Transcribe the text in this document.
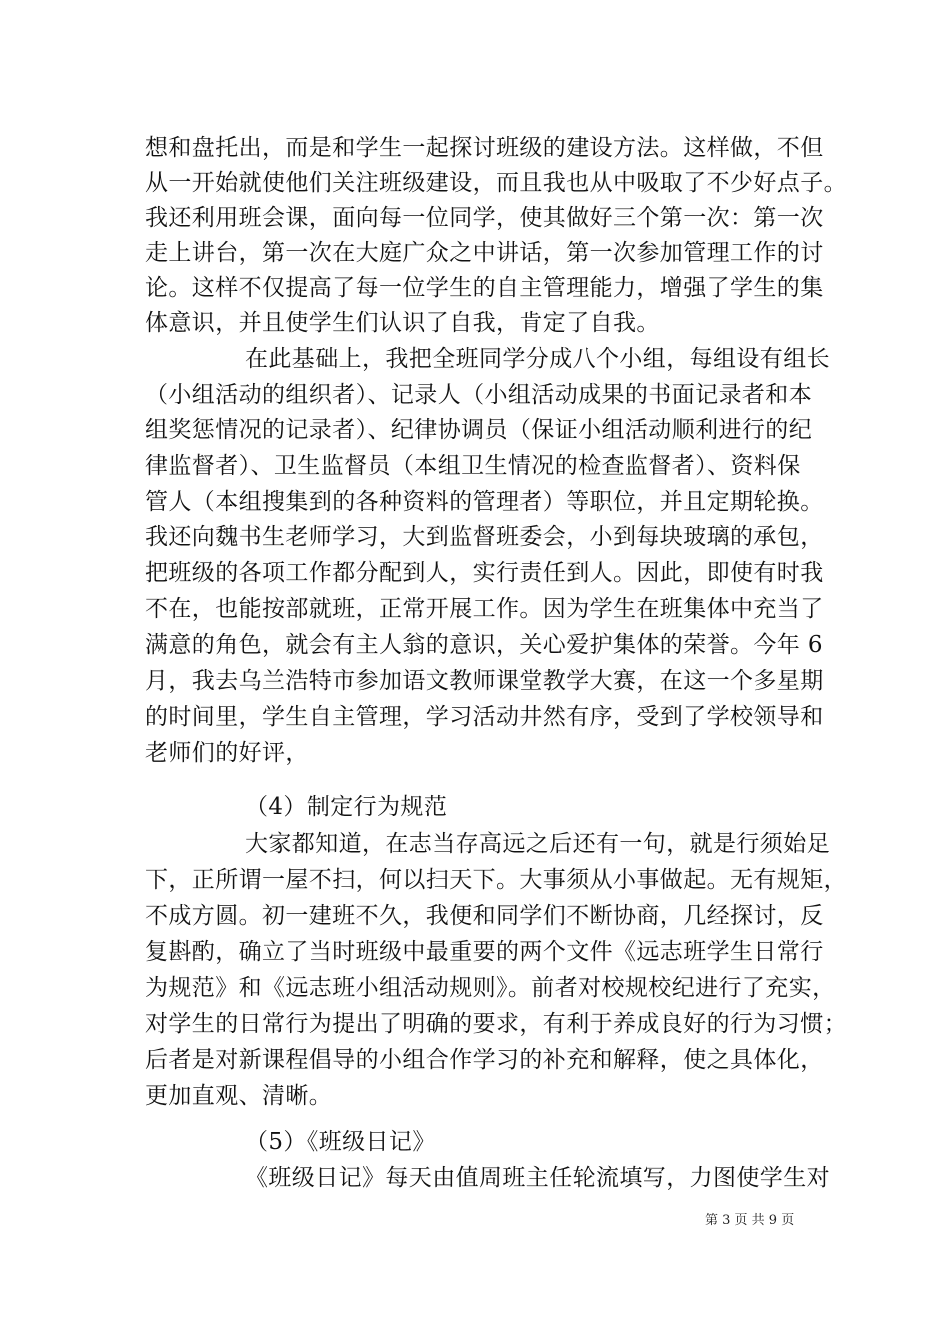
想和盘托出，而是和学生一起探讨班级的建设方法。这样做，不但
从一开始就使他们关注班级建设，而且我也从中吸取了不少好点子。
我还利用班会课，面向每一位同学，使其做好三个第一次：第一次
走上讲台，第一次在大庭广众之中讲话，第一次参加管理工作的讨
论。这样不仅提高了每一位学生的自主管理能力，增强了学生的集
体意识，并且使学生们认识了自我，肯定了自我。
在此基础上，我把全班同学分成八个小组，每组设有组长
（小组活动的组织者）、记录人（小组活动成果的书面记录者和本
组奖惩情况的记录者）、纪律协调员（保证小组活动顺利进行的纪
律监督者）、卫生监督员（本组卫生情况的检查监督者）、资料保
管人（本组搜集到的各种资料的管理者）等职位，并且定期轮换。
我还向魏书生老师学习，大到监督班委会，小到每块玻璃的承包，
把班级的各项工作都分配到人，实行责任到人。因此，即使有时我
不在，也能按部就班，正常开展工作。因为学生在班集体中充当了
满意的角色，就会有主人翁的意识，关心爱护集体的荣誉。今年 6
月，我去乌兰浩特市参加语文教师课堂教学大赛，在这一个多星期
的时间里，学生自主管理，学习活动井然有序，受到了学校领导和
老师们的好评，
（4）制定行为规范
大家都知道，在志当存高远之后还有一句，就是行须始足
下，正所谓一屋不扫，何以扫天下。大事须从小事做起。无有规矩，
不成方圆。初一建班不久，我便和同学们不断协商，几经探讨，反
复斟酌，确立了当时班级中最重要的两个文件《远志班学生日常行
为规范》和《远志班小组活动规则》。前者对校规校纪进行了充实，
对学生的日常行为提出了明确的要求，有利于养成良好的行为习惯；
后者是对新课程倡导的小组合作学习的补充和解释，使之具体化，
更加直观、清晰。
（5）《班级日记》
《班级日记》每天由值周班主任轮流填写，力图使学生对
第 3 页 共 9 页
